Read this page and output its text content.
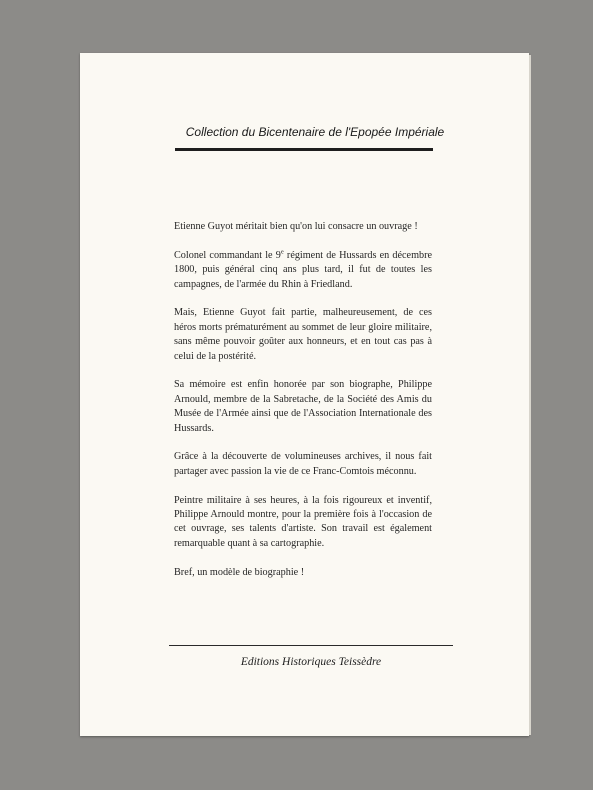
Collection du Bicentenaire de l'Epopée Impériale

Etienne Guyot méritait bien qu'on lui consacre un ouvrage !

Colonel commandant le 9e régiment de Hussards en décembre 1800, puis général cinq ans plus tard, il fut de toutes les campagnes, de l'armée du Rhin à Friedland.

Mais, Etienne Guyot fait partie, malheureusement, de ces héros morts prématurément au sommet de leur gloire militaire, sans même pouvoir goûter aux honneurs, et en tout cas pas à celui de la postérité.

Sa mémoire est enfin honorée par son biographe, Philippe Arnould, membre de la Sabretache, de la Société des Amis du Musée de l'Armée ainsi que de l'Association Internationale des Hussards.

Grâce à la découverte de volumineuses archives, il nous fait partager avec passion la vie de ce Franc-Comtois méconnu.

Peintre militaire à ses heures, à la fois rigoureux et inventif, Philippe Arnould montre, pour la première fois à l'occasion de cet ouvrage, ses talents d'artiste. Son travail est également remarquable quant à sa cartographie.

Bref, un modèle de biographie !

Editions Historiques Teissèdre
